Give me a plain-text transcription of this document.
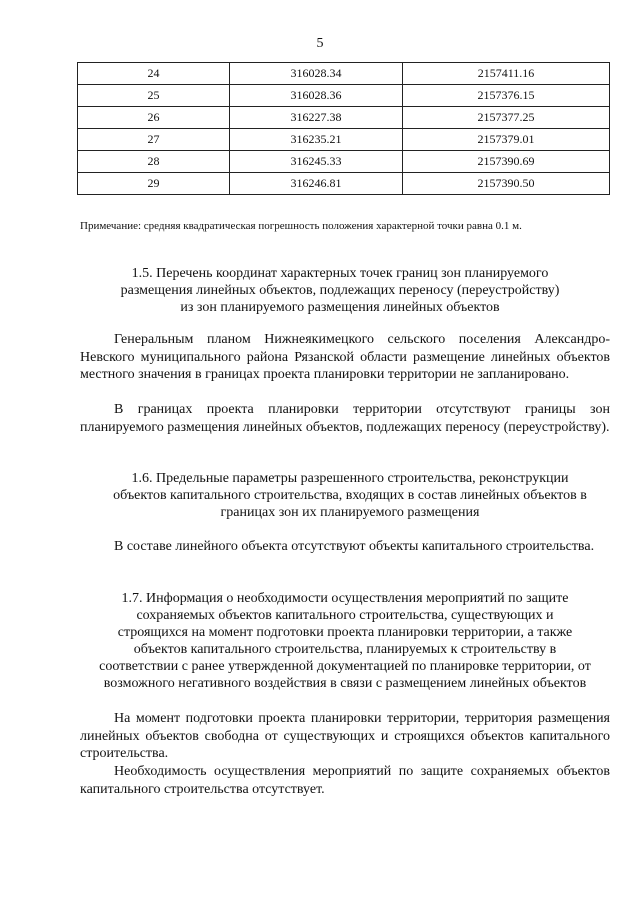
5
24	316028.34	2157411.16
25	316028.36	2157376.15
26	316227.38	2157377.25
27	316235.21	2157379.01
28	316245.33	2157390.69
29	316246.81	2157390.50
Примечание: средняя квадратическая погрешность положения характерной точки равна 0.1 м.
1.5. Перечень координат характерных точек границ зон планируемого
размещения линейных объектов, подлежащих переносу (переустройству)
из зон планируемого размещения линейных объектов

Генеральным планом Нижнеякимецкого сельского поселения Александро-Невского муниципального района Рязанской области размещение линейных объектов местного значения в границах проекта планировки территории не запланировано.

В границах проекта планировки территории отсутствуют границы зон планируемого размещения линейных объектов, подлежащих переносу (переустройству).

1.6. Предельные параметры разрешенного строительства, реконструкции
объектов капитального строительства, входящих в состав линейных объектов в
границах зон их планируемого размещения

В составе линейного объекта отсутствуют объекты капитального строительства.

1.7. Информация о необходимости осуществления мероприятий по защите
сохраняемых объектов капитального строительства, существующих и
строящихся на момент подготовки проекта планировки территории, а также
объектов капитального строительства, планируемых к строительству в
соответствии с ранее утвержденной документацией по планировке территории, от
возможного негативного воздействия в связи с размещением линейных объектов

На момент подготовки проекта планировки территории, территория размещения линейных объектов свободна от существующих и строящихся объектов капитального строительства.

Необходимость осуществления мероприятий по защите сохраняемых объектов капитального строительства отсутствует.
